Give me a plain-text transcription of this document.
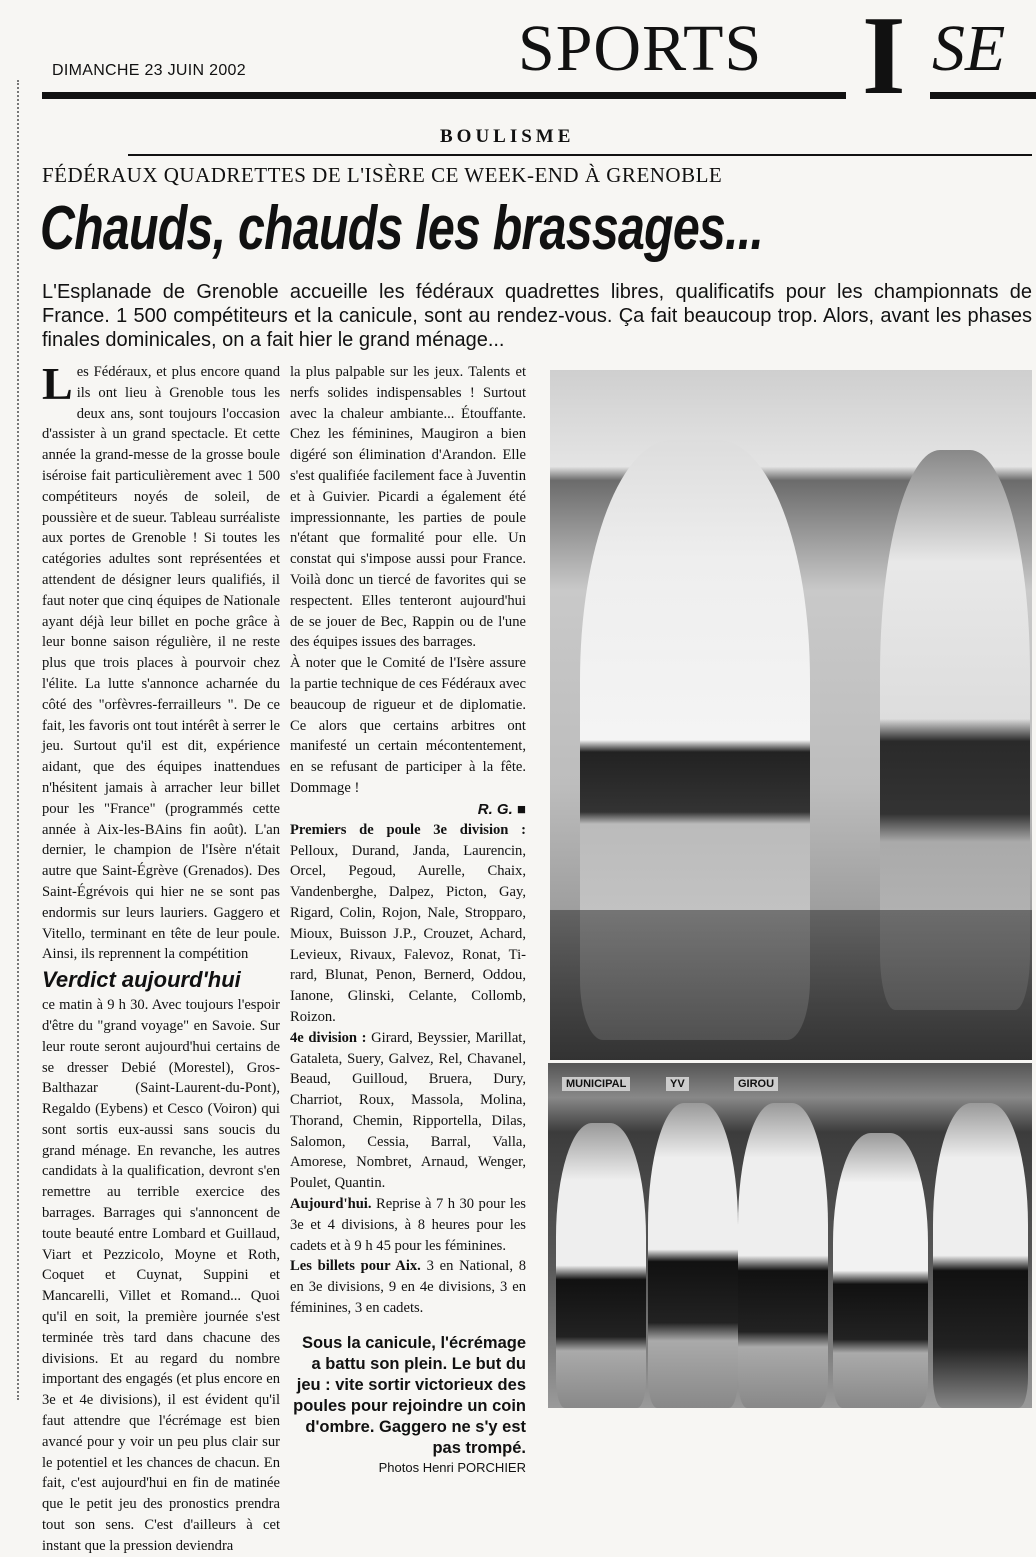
DIMANCHE 23 JUIN 2002	SPORTS I SE
BOULISME
FÉDÉRAUX QUADRETTES DE L'ISÈRE CE WEEK-END À GRENOBLE
Chauds, chauds les brassages...

L'Esplanade de Grenoble accueille les fédéraux quadrettes libres, qualificatifs pour les championnats de France. 1 500 compétiteurs et la canicule, sont au rendez-vous. Ça fait beaucoup trop. Alors, avant les phases finales dominicales, on a fait hier le grand ménage...

Les Fédéraux, et plus encore quand ils ont lieu à Grenoble tous les deux ans, sont toujours l'occasion d'assister à un grand spectacle. Et cette année la grand-messe de la grosse boule iséroise fait particulièrement avec 1 500 compétiteurs noyés de soleil, de poussière et de sueur. Tableau surréaliste aux portes de Grenoble ! Si toutes les catégories adultes sont représentées et attendent de désigner leurs qualifiés, il faut noter que cinq équipes de Nationale ayant déjà leur billet en poche grâce à leur bonne saison régulière, il ne reste plus que trois places à pourvoir chez l'élite. La lutte s'annonce acharnée du côté des "orfèvres-ferrailleurs ". De ce fait, les favoris ont tout intérêt à serrer le jeu. Surtout qu'il est dit, expérience aidant, que des équipes inattendues n'hésitent jamais à arracher leur billet pour les "France" (programmés cette année à Aix-les-BAins fin août). L'an dernier, le champion de l'Isère n'était autre que Saint-Égrève (Grenados). Des Saint-Égrévois qui hier ne se sont pas endormis sur leurs lauriers. Gaggero et Vitello, terminant en tête de leur poule. Ainsi, ils reprennent la compétition

Verdict aujourd'hui

ce matin à 9 h 30. Avec toujours l'espoir d'être du "grand voyage" en Savoie. Sur leur route seront aujourd'hui certains de se dresser Debié (Morestel), Gros-Balthazar (Saint-Laurent-du-Pont), Regaldo (Eybens) et Cesco (Voiron) qui sont sortis eux-aussi sans soucis du grand ménage. En revanche, les autres candidats à la qualification, devront s'en remettre au terrible exercice des barrages. Barrages qui s'annoncent de toute beauté entre Lombard et Guillaud, Viart et Pezzicolo, Moyne et Roth, Coquet et Cuynat, Suppini et Mancarelli, Villet et Romand... Quoi qu'il en soit, la première journée s'est terminée très tard dans chacune des divisions. Et au regard du nombre important des engagés (et plus encore en 3e et 4e divisions), il est évident qu'il faut attendre que l'écrémage est bien avancé pour y voir un peu plus clair sur le potentiel et les chances de chacun. En fait, c'est aujourd'hui en fin de matinée que le petit jeu des pronostics prendra tout son sens. C'est d'ailleurs à cet instant que la pression deviendra

la plus palpable sur les jeux. Talents et nerfs solides indispensables ! Surtout avec la chaleur ambiante... Étouffante. Chez les féminines, Maugiron a bien digéré son élimination d'Arandon. Elle s'est qualifiée facilement face à Juventin et à Guivier. Picardi a également été impressionnante, les parties de poule n'étant que formalité pour elle. Un constat qui s'impose aussi pour France. Voilà donc un tiercé de favorites qui se respectent. Elles tenteront aujourd'hui de se jouer de Bec, Rappin ou de l'une des équipes issues des barrages.

À noter que le Comité de l'Isère assure la partie technique de ces Fédéraux avec beaucoup de rigueur et de diplomatie. Ce alors que certains arbitres ont manifesté un certain mécontentement, en se refusant de participer à la fête. Dommage !

R. G. ■

Premiers de poule 3e division : Pelloux, Durand, Janda, Laurencin, Orcel, Pegoud, Aurelle, Chaix, Vandenberghe, Dalpez, Picton, Gay, Rigard, Colin, Rojon, Nale, Stropparo, Mioux, Buisson J.P., Crouzet, Achard, Levieux, Rivaux, Falevoz, Ronat, Ti-rard, Blunat, Penon, Bernerd, Oddou, Ianone, Glinski, Celante, Collomb, Roizon.

4e division : Girard, Beyssier, Marillat, Gataleta, Suery, Galvez, Rel, Chavanel, Beaud, Guilloud, Bruera, Dury, Charriot, Roux, Massola, Molina, Thorand, Chemin, Ripportella, Dilas, Salomon, Cessia, Barral, Valla, Amorese, Nombret, Arnaud, Wenger, Poulet, Quantin.

Aujourd'hui. Reprise à 7 h 30 pour les 3e et 4 divisions, à 8 heures pour les cadets et à 9 h 45 pour les féminines.

Les billets pour Aix. 3 en National, 8 en 3e divisions, 9 en 4e divisions, 3 en féminines, 3 en cadets.

Sous la canicule, l'écrémage a battu son plein. Le but du jeu : vite sortir victorieux des poules pour rejoindre un coin d'ombre. Gaggero ne s'y est pas trompé.

Photos Henri PORCHIER

MUNICIPAL	YV	GIROU
